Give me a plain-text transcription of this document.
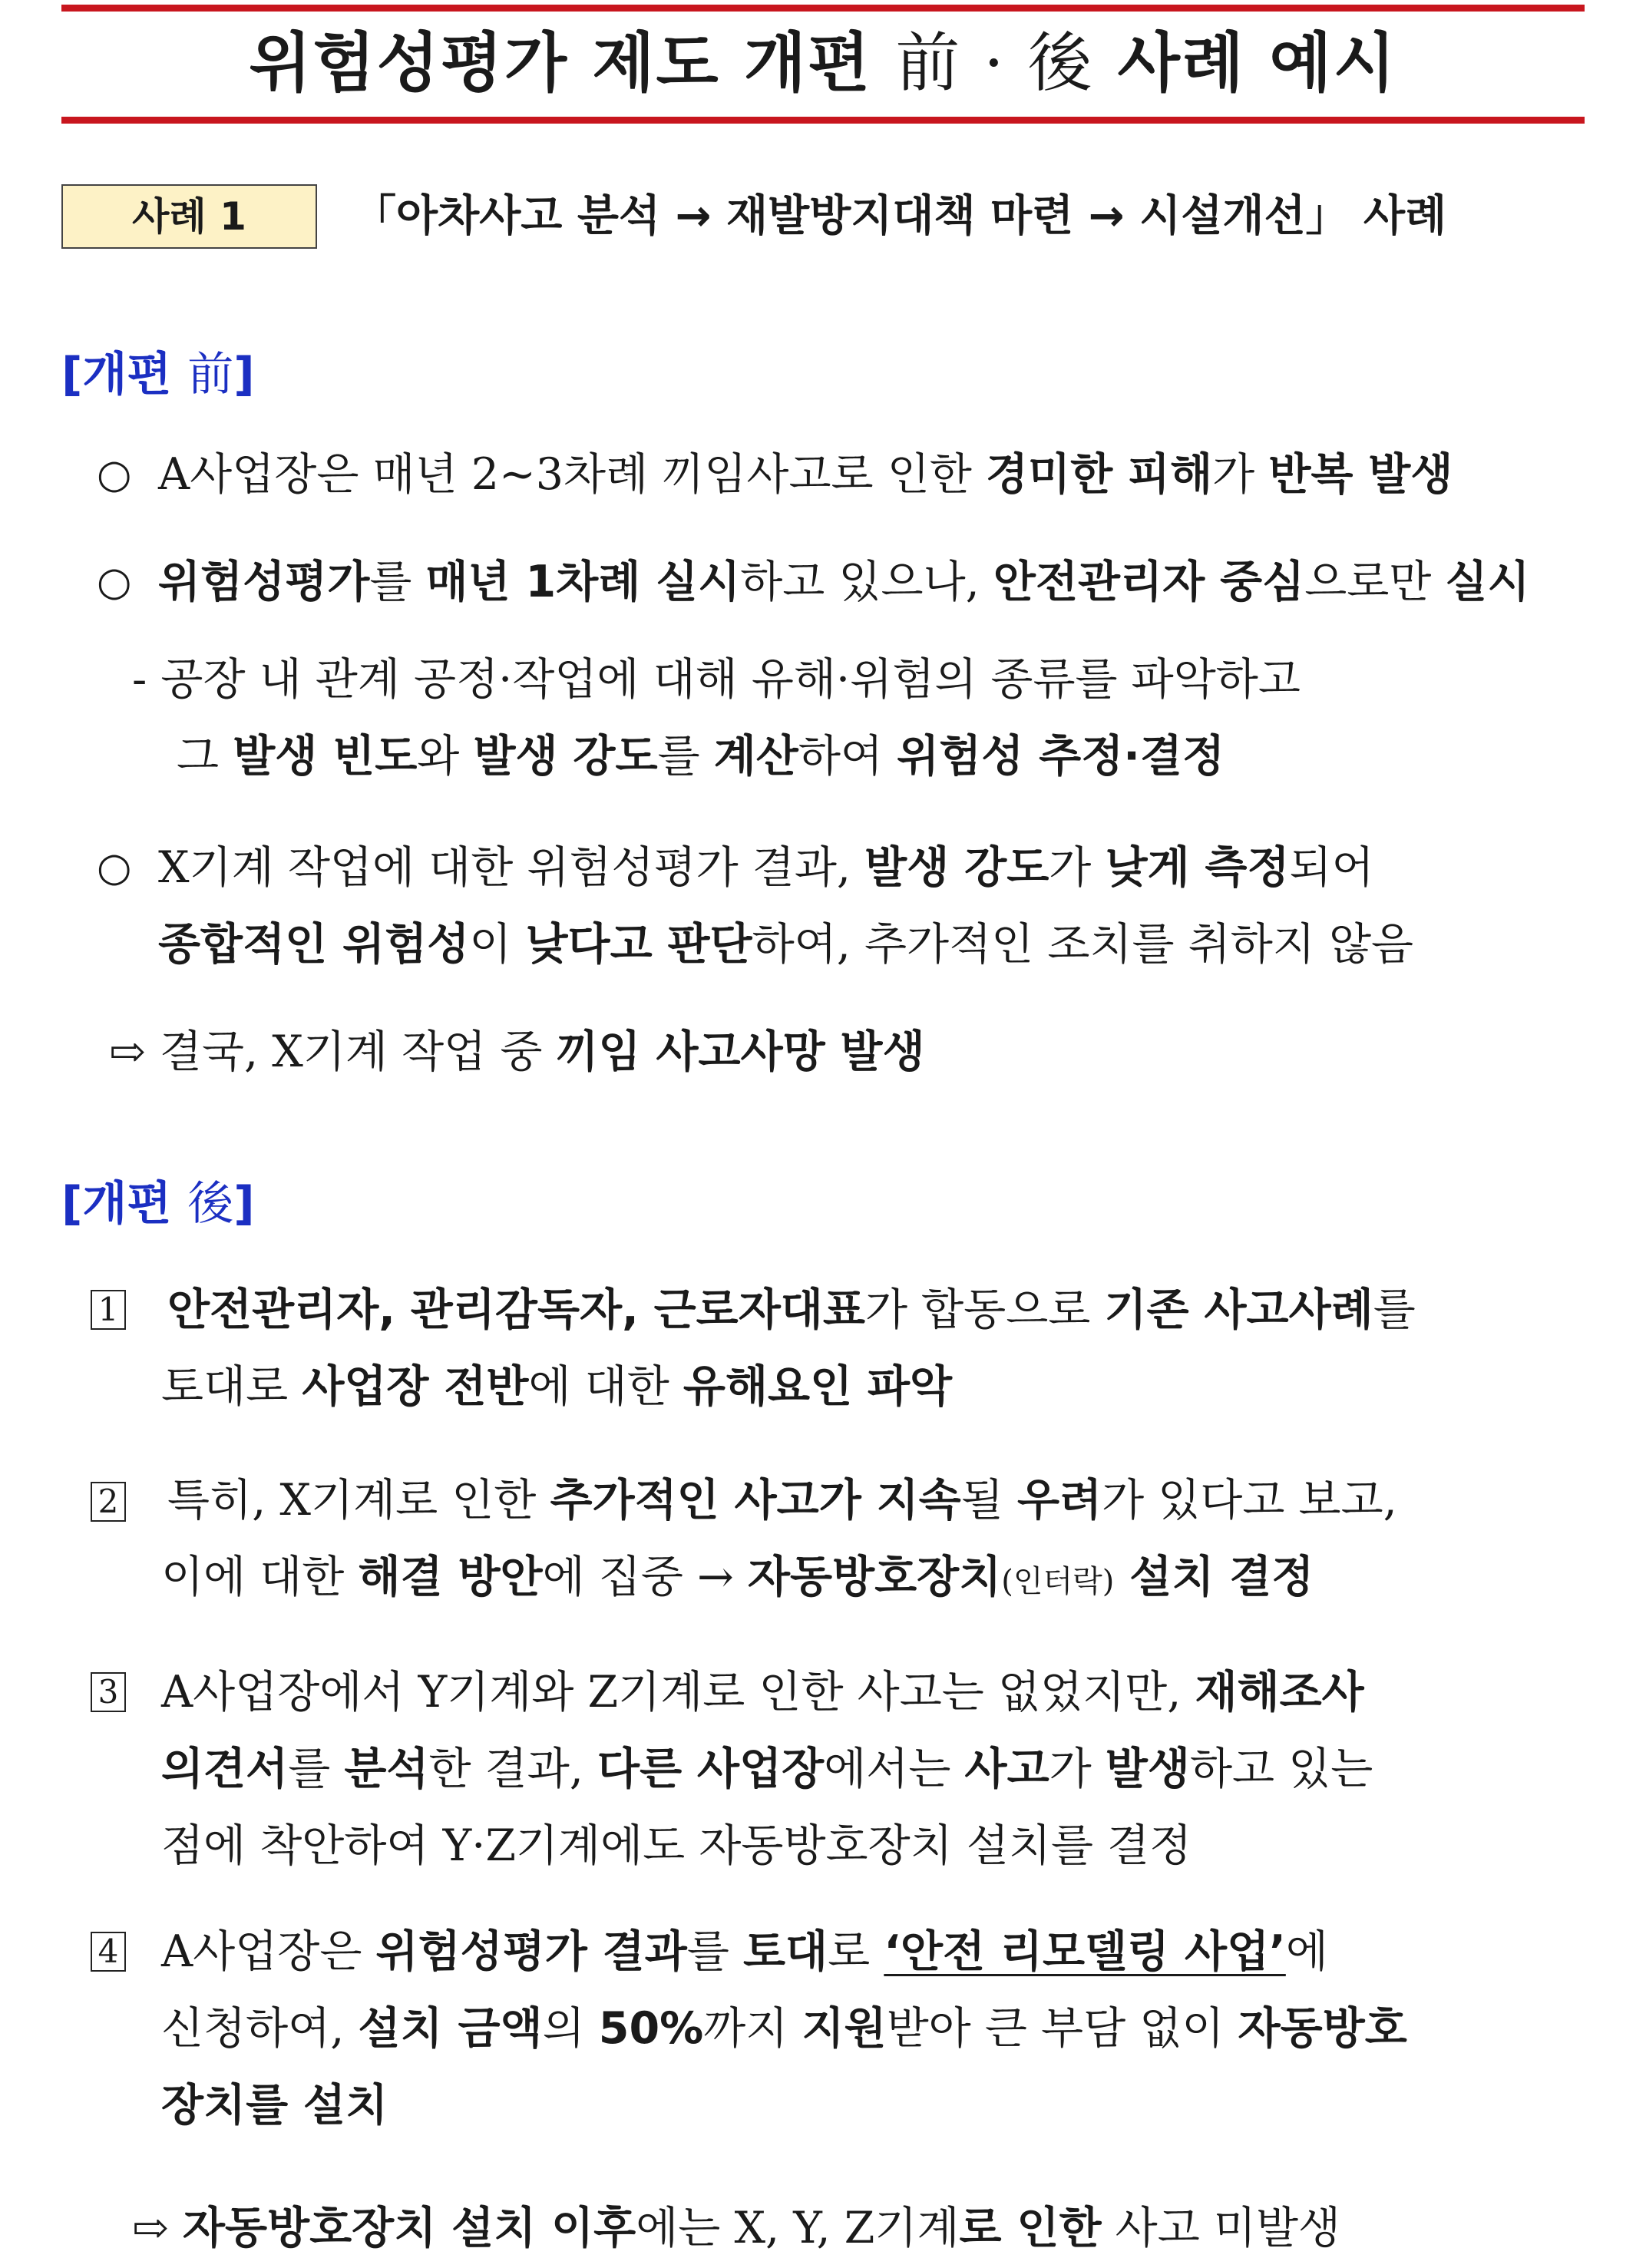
위험성평가 제도 개편 前 · 後 사례 예시
사례 1	「아차사고 분석 → 재발방지대책 마련 → 시설개선」 사례
[개편 前]
○ A사업장은 매년 2~3차례 끼임사고로 인한 경미한 피해가 반복 발생
○ 위험성평가를 매년 1차례 실시하고 있으나, 안전관리자 중심으로만 실시
- 공장 내 관계 공정·작업에 대해 유해·위험의 종류를 파악하고
그 발생 빈도와 발생 강도를 계산하여 위험성 추정·결정
○ X기계 작업에 대한 위험성평가 결과, 발생 강도가 낮게 측정되어
종합적인 위험성이 낮다고 판단하여, 추가적인 조치를 취하지 않음
⇨ 결국, X기계 작업 중 끼임 사고사망 발생
[개편 後]
1 안전관리자, 관리감독자, 근로자대표가 합동으로 기존 사고사례를
토대로 사업장 전반에 대한 유해요인 파악
2 특히, X기계로 인한 추가적인 사고가 지속될 우려가 있다고 보고,
이에 대한 해결 방안에 집중 → 자동방호장치(인터락) 설치 결정
3 A사업장에서 Y기계와 Z기계로 인한 사고는 없었지만, 재해조사
의견서를 분석한 결과, 다른 사업장에서는 사고가 발생하고 있는
점에 착안하여 Y·Z기계에도 자동방호장치 설치를 결정
4 A사업장은 위험성평가 결과를 토대로 ‘안전 리모델링 사업’에
신청하여, 설치 금액의 50%까지 지원받아 큰 부담 없이 자동방호
장치를 설치
⇨ 자동방호장치 설치 이후에는 X, Y, Z기계로 인한 사고 미발생
